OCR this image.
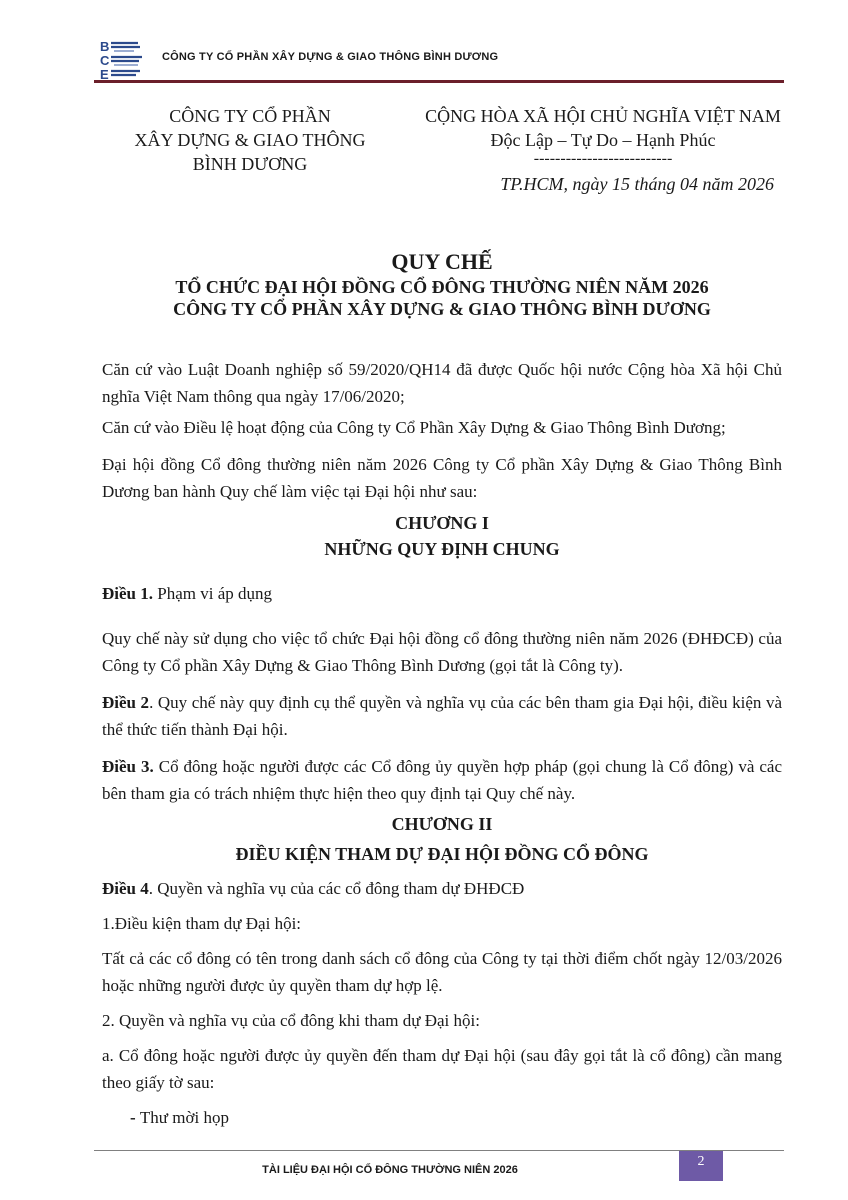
B
C
E
CÔNG TY CỔ PHẦN XÂY DỰNG & GIAO THÔNG BÌNH DƯƠNG
CÔNG TY CỔ PHẦN
XÂY DỰNG & GIAO THÔNG
BÌNH DƯƠNG
CỘNG HÒA XÃ HỘI CHỦ NGHĨA VIỆT NAM
Độc Lập – Tự Do – Hạnh Phúc
--------------------------
TP.HCM, ngày 15 tháng 04 năm 2026
QUY CHẾ
TỔ CHỨC ĐẠI HỘI ĐỒNG CỔ ĐÔNG THƯỜNG NIÊN NĂM 2026
CÔNG TY CỔ PHẦN XÂY DỰNG & GIAO THÔNG BÌNH DƯƠNG

Căn cứ vào Luật Doanh nghiệp số 59/2020/QH14 đã được Quốc hội nước Cộng hòa Xã hội Chủ nghĩa Việt Nam thông qua ngày 17/06/2020;

Căn cứ vào Điều lệ hoạt động của Công ty Cổ Phần Xây Dựng & Giao Thông Bình Dương;

Đại hội đồng Cổ đông thường niên năm 2026 Công ty Cổ phần Xây Dựng & Giao Thông Bình Dương ban hành Quy chế làm việc tại Đại hội như sau:

CHƯƠNG I
NHỮNG QUY ĐỊNH CHUNG

Điều 1. Phạm vi áp dụng

Quy chế này sử dụng cho việc tổ chức Đại hội đồng cổ đông thường niên năm 2026 (ĐHĐCĐ) của Công ty Cổ phần Xây Dựng & Giao Thông Bình Dương (gọi tắt là Công ty).

Điều 2. Quy chế này quy định cụ thể quyền và nghĩa vụ của các bên tham gia Đại hội, điều kiện và thể thức tiến thành Đại hội.

Điều 3. Cổ đông hoặc người được các Cổ đông ủy quyền hợp pháp (gọi chung là Cổ đông) và các bên tham gia có trách nhiệm thực hiện theo quy định tại Quy chế này.

CHƯƠNG II
ĐIỀU KIỆN THAM DỰ ĐẠI HỘI ĐỒNG CỔ ĐÔNG

Điều 4. Quyền và nghĩa vụ của các cổ đông tham dự ĐHĐCĐ

1.Điều kiện tham dự Đại hội:

Tất cả các cổ đông có tên trong danh sách cổ đông của Công ty tại thời điểm chốt ngày 12/03/2026 hoặc những người được ủy quyền tham dự hợp lệ.

2. Quyền và nghĩa vụ của cổ đông khi tham dự Đại hội:

a. Cổ đông hoặc người được ủy quyền đến tham dự Đại hội (sau đây gọi tắt là cổ đông) cần mang theo giấy tờ sau:

- Thư mời họp

TÀI LIỆU ĐẠI HỘI CỔ ĐÔNG THƯỜNG NIÊN 2026
2
